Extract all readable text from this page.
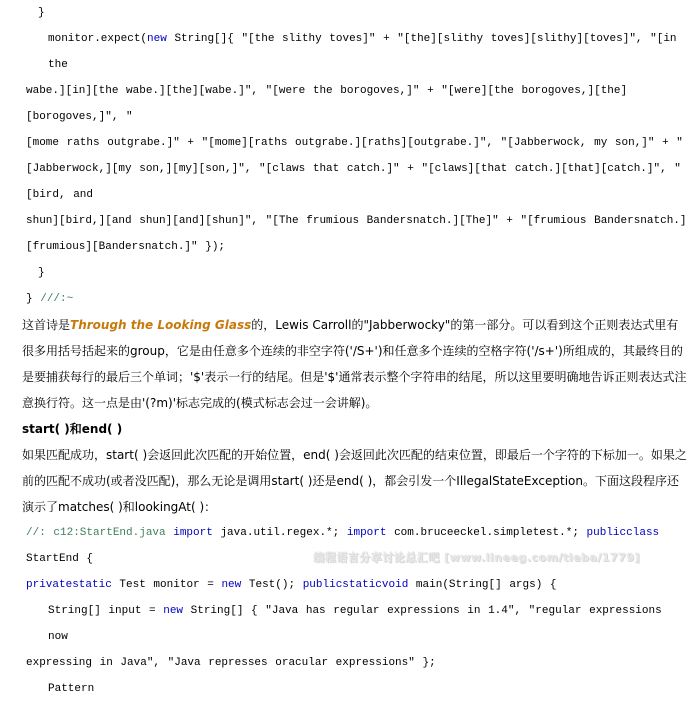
}
monitor.expect(new String[]{ "[the slithy toves]" + "[the][slithy toves][slithy][toves]", "[in the
wabe.][in][the wabe.][the][wabe.]", "[were the borogoves,]" + "[were][the borogoves,][the][borogoves,]", "
[mome raths outgrabe.]" + "[mome][raths outgrabe.][raths][outgrabe.]", "[Jabberwock, my son,]" + "
[Jabberwock,][my son,][my][son,]", "[claws that catch.]" + "[claws][that catch.][that][catch.]", "[bird, and
shun][bird,][and shun][and][shun]", "[The frumious Bandersnatch.][The]" + "[frumious Bandersnatch.]
[frumious][Bandersnatch.]" });
}
} ///:~
这首诗是Through the Looking Glass的，Lewis Carroll的"Jabberwocky"的第一部分。可以看到这个正则表达式里有很多用括号括起来的group，它是由任意多个连续的非空字符('/S+')和任意多个连续的空格字符('/s+')所组成的，其最终目的是要捕获每行的最后三个单词；'$'表示一行的结尾。但是'$'通常表示整个字符串的结尾，所以这里要明确地告诉正则表达式注意换行符。这一点是由'(?m)'标志完成的(模式标志会过一会讲解)。
start( )和end( )
如果匹配成功，start( )会返回此次匹配的开始位置，end( )会返回此次匹配的结束位置，即最后一个字符的下标加一。如果之前的匹配不成功(或者没匹配)，那么无论是调用start( )还是end( )，都会引发一个IllegalStateException。下面这段程序还演示了matches( )和lookingAt( )：
//: c12:StartEnd.java import java.util.regex.*; import com.bruceeckel.simpletest.*; publicclass StartEnd {
privatestatic Test monitor = new Test(); publicstaticvoid main(String[] args) {
String[] input = new String[] { "Java has regular expressions in 1.4", "regular expressions now
expressing in Java", "Java represses oracular expressions" };
Pattern
编程语言分享讨论总汇吧 [www.lineeg.com/tieba/1779]
